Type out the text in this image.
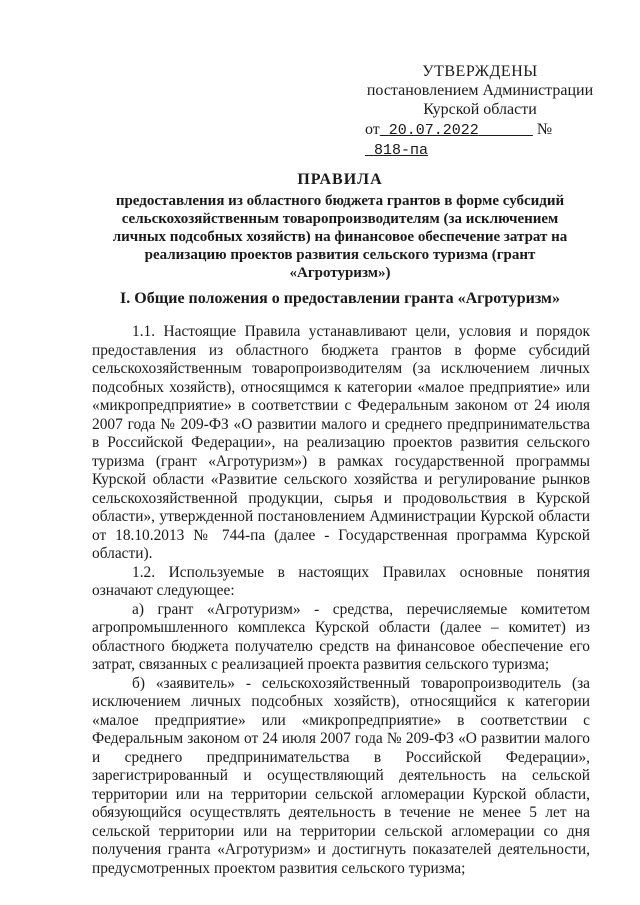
УТВЕРЖДЕНЫ
постановлением Администрации
Курской области
от 20.07.2022	№  818-па
ПРАВИЛА
предоставления из областного бюджета грантов в форме субсидий сельскохозяйственным товаропроизводителям (за исключением личных подсобных хозяйств) на финансовое обеспечение затрат на реализацию проектов развития сельского туризма (грант «Агротуризм»)
I. Общие положения о предоставлении гранта «Агротуризм»

1.1. Настоящие Правила устанавливают цели, условия и порядок предоставления из областного бюджета грантов в форме субсидий сельскохозяйственным товаропроизводителям (за исключением личных подсобных хозяйств), относящимся к категории «малое предприятие» или «микропредприятие» в соответствии с Федеральным законом от 24 июля 2007 года № 209-ФЗ «О развитии малого и среднего предпринимательства в Российской Федерации», на реализацию проектов развития сельского туризма (грант «Агротуризм») в рамках государственной программы Курской области «Развитие сельского хозяйства и регулирование рынков сельскохозяйственной продукции, сырья и продовольствия в Курской области», утвержденной постановлением Администрации Курской области от 18.10.2013 № 744-па (далее - Государственная программа Курской области).

1.2. Используемые в настоящих Правилах основные понятия означают следующее:

а) грант «Агротуризм» - средства, перечисляемые комитетом агропромышленного комплекса Курской области (далее – комитет) из областного бюджета получателю средств на финансовое обеспечение его затрат, связанных с реализацией проекта развития сельского туризма;

б) «заявитель» - сельскохозяйственный товаропроизводитель (за исключением личных подсобных хозяйств), относящийся к категории «малое предприятие» или «микропредприятие» в соответствии с Федеральным законом от 24 июля 2007 года № 209-ФЗ «О развитии малого и среднего предпринимательства в Российской Федерации», зарегистрированный и осуществляющий деятельность на сельской территории или на территории сельской агломерации Курской области, обязующийся осуществлять деятельность в течение не менее 5 лет на сельской территории или на территории сельской агломерации со дня получения гранта «Агротуризм» и достигнуть показателей деятельности, предусмотренных проектом развития сельского туризма;
